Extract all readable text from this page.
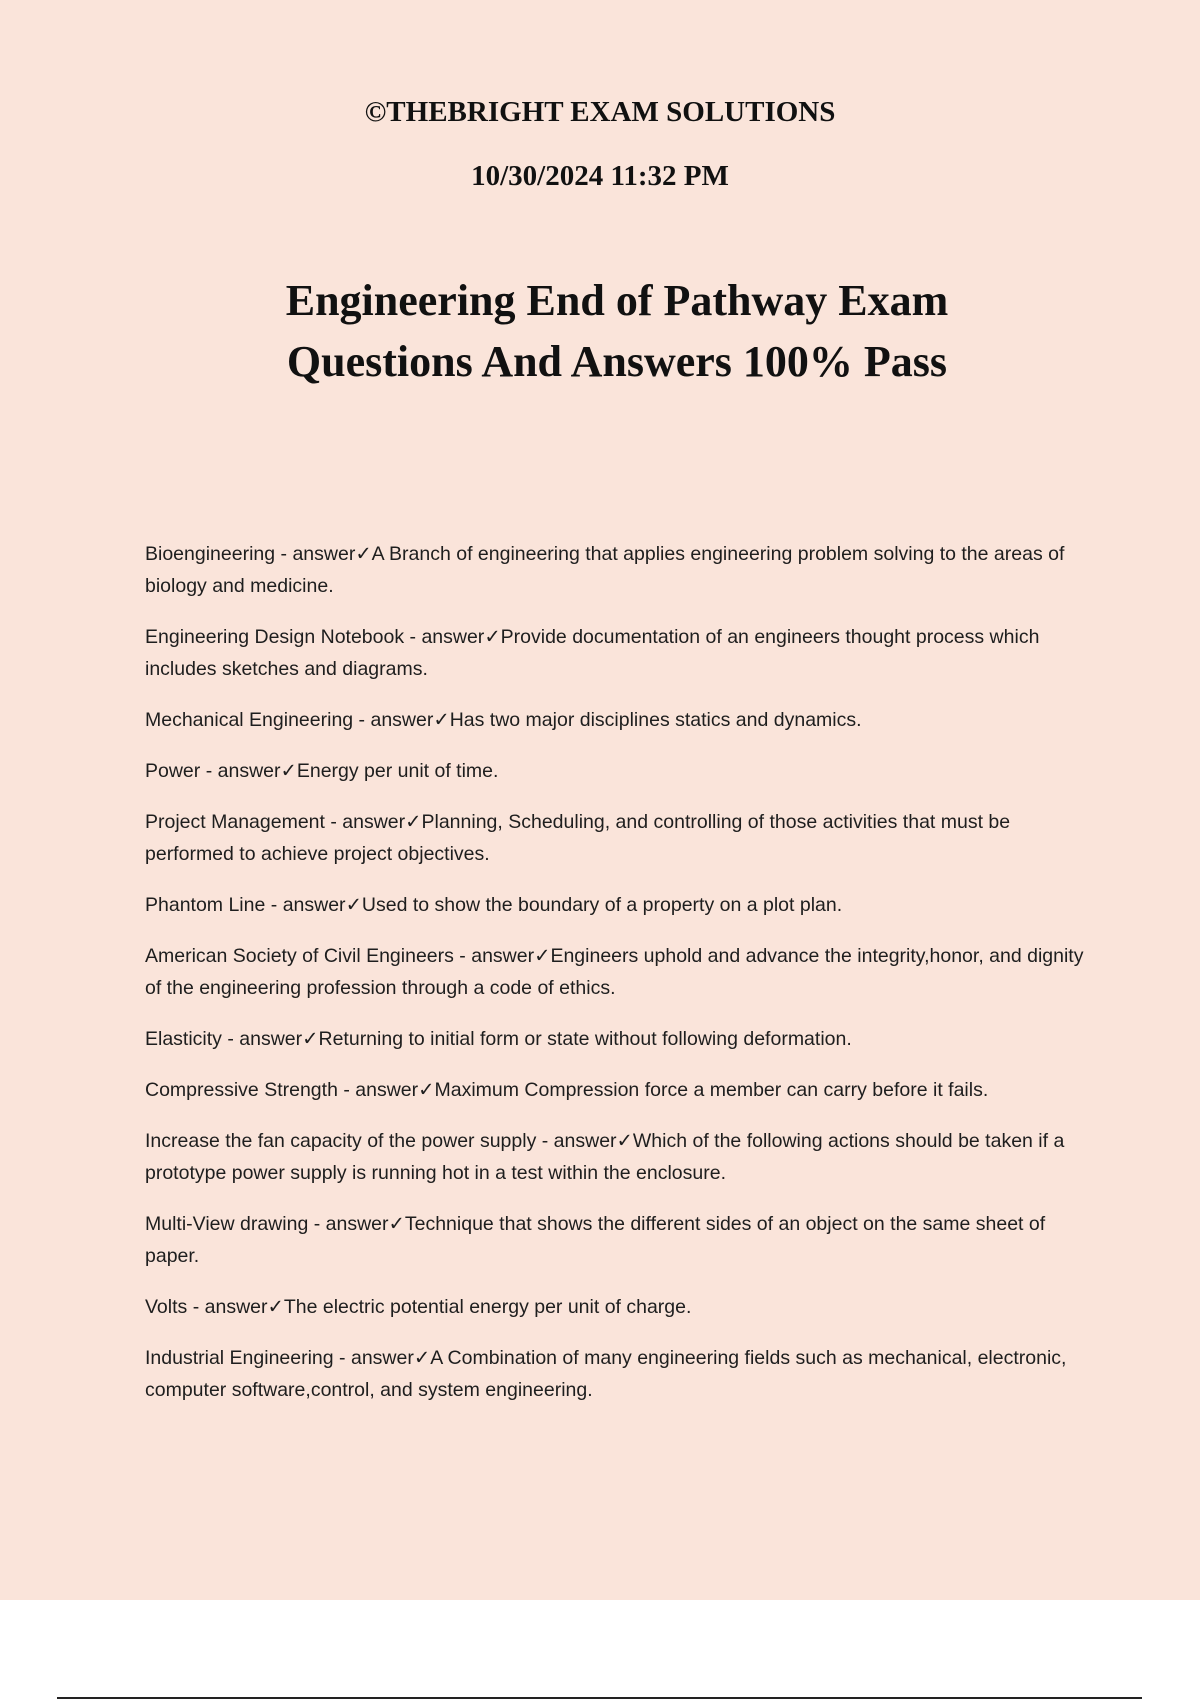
©THEBRIGHT EXAM SOLUTIONS
10/30/2024 11:32 PM
Engineering End of Pathway Exam
Questions And Answers 100% Pass

Bioengineering - answer✓A Branch of engineering that applies engineering problem solving to the areas of biology and medicine.

Engineering Design Notebook - answer✓Provide documentation of an engineers thought process which includes sketches and diagrams.

Mechanical Engineering - answer✓Has two major disciplines statics and dynamics.

Power - answer✓Energy per unit of time.

Project Management - answer✓Planning, Scheduling, and controlling of those activities that must be performed to achieve project objectives.

Phantom Line - answer✓Used to show the boundary of a property on a plot plan.

American Society of Civil Engineers - answer✓Engineers uphold and advance the integrity,honor, and dignity of the engineering profession through a code of ethics.

Elasticity - answer✓Returning to initial form or state without following deformation.

Compressive Strength - answer✓Maximum Compression force a member can carry before it fails.

Increase the fan capacity of the power supply - answer✓Which of the following actions should be taken if a prototype power supply is running hot in a test within the enclosure.

Multi-View drawing - answer✓Technique that shows the different sides of an object on the same sheet of paper.

Volts - answer✓The electric potential energy per unit of charge.

Industrial Engineering - answer✓A Combination of many engineering fields such as mechanical, electronic, computer software,control, and system engineering.
